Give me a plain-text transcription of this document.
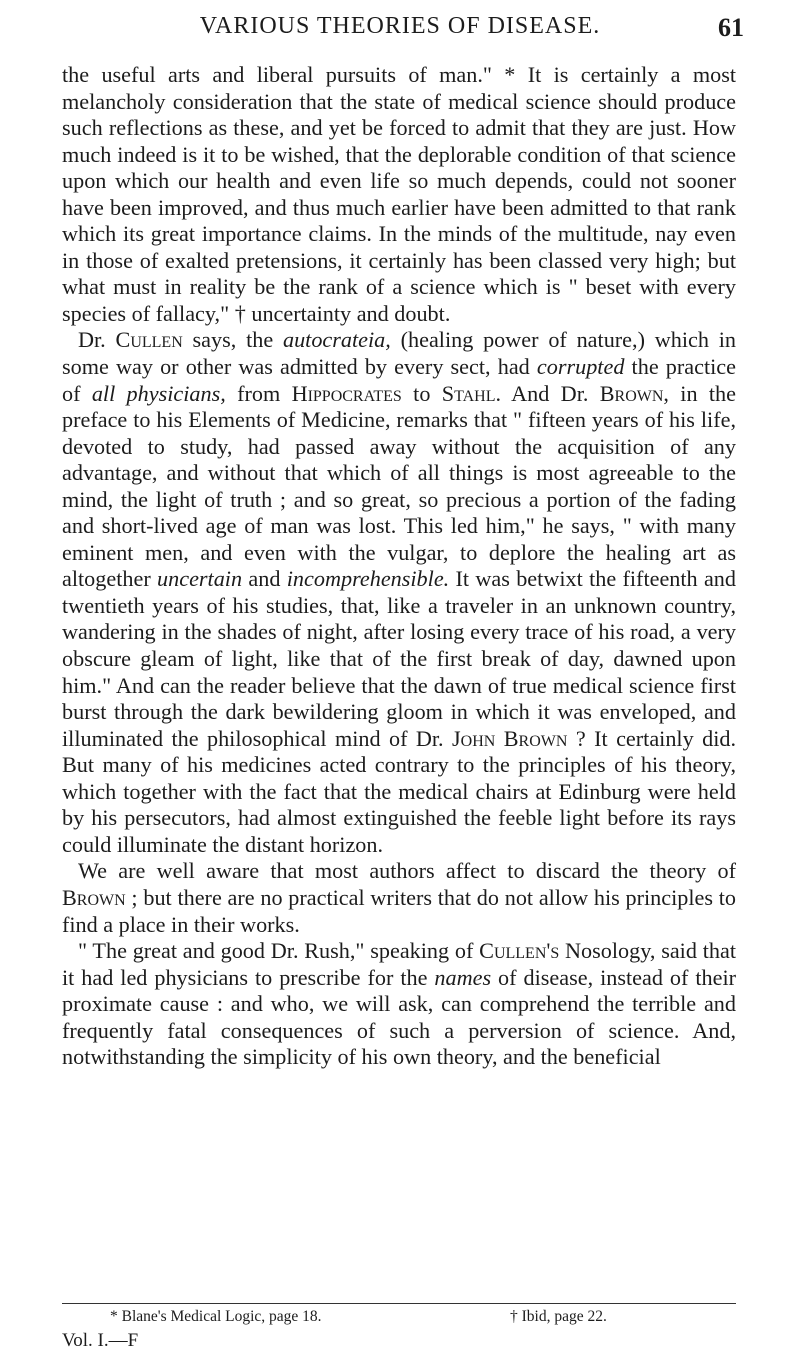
VARIOUS THEORIES OF DISEASE.	61

the useful arts and liberal pursuits of man." * It is certainly a most melancholy consideration that the state of medical science should produce such reflections as these, and yet be forced to admit that they are just. How much indeed is it to be wished, that the deplorable condition of that science upon which our health and even life so much depends, could not sooner have been improved, and thus much earlier have been admitted to that rank which its great importance claims. In the minds of the multitude, nay even in those of exalted pretensions, it certainly has been classed very high; but what must in reality be the rank of a science which is " beset with every species of fallacy," † uncertainty and doubt.

Dr. Cullen says, the autocrateia, (healing power of nature,) which in some way or other was admitted by every sect, had corrupted the practice of all physicians, from Hippocrates to Stahl. And Dr. Brown, in the preface to his Elements of Medicine, remarks that " fifteen years of his life, devoted to study, had passed away without the acquisition of any advantage, and without that which of all things is most agreeable to the mind, the light of truth ; and so great, so precious a portion of the fading and short-lived age of man was lost. This led him," he says, " with many eminent men, and even with the vulgar, to deplore the healing art as altogether uncertain and incomprehensible. It was betwixt the fifteenth and twentieth years of his studies, that, like a traveler in an unknown country, wandering in the shades of night, after losing every trace of his road, a very obscure gleam of light, like that of the first break of day, dawned upon him." And can the reader believe that the dawn of true medical science first burst through the dark bewildering gloom in which it was enveloped, and illuminated the philosophical mind of Dr. John Brown ? It certainly did. But many of his medicines acted contrary to the principles of his theory, which together with the fact that the medical chairs at Edinburg were held by his persecutors, had almost extinguished the feeble light before its rays could illuminate the distant horizon.

We are well aware that most authors affect to discard the theory of Brown ; but there are no practical writers that do not allow his principles to find a place in their works.

" The great and good Dr. Rush," speaking of Cullen's Nosology, said that it had led physicians to prescribe for the names of disease, instead of their proximate cause : and who, we will ask, can comprehend the terrible and frequently fatal consequences of such a perversion of science. And, notwithstanding the simplicity of his own theory, and the beneficial

* Blane's Medical Logic, page 18.	† Ibid, page 22.
Vol. I.—F
